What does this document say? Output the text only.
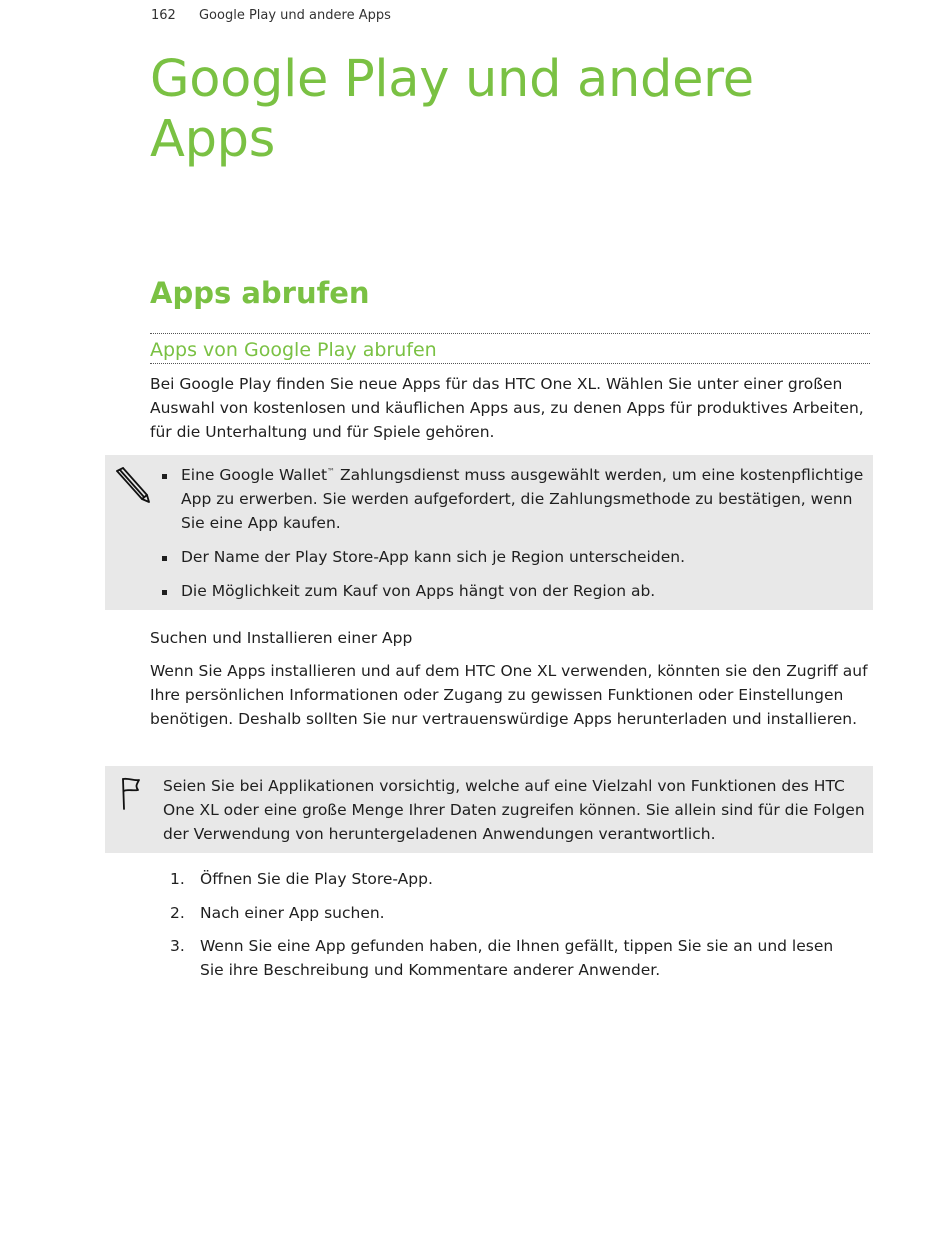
162 Google Play und andere Apps
Google Play und andere Apps
Apps abrufen
Apps von Google Play abrufen

Bei Google Play finden Sie neue Apps für das HTC One XL. Wählen Sie unter einer großen Auswahl von kostenlosen und käuflichen Apps aus, zu denen Apps für produktives Arbeiten, für die Unterhaltung und für Spiele gehören.

Eine Google Wallet™ Zahlungsdienst muss ausgewählt werden, um eine kostenpflichtige App zu erwerben. Sie werden aufgefordert, die Zahlungsmethode zu bestätigen, wenn Sie eine App kaufen.
Der Name der Play Store-App kann sich je Region unterscheiden.
Die Möglichkeit zum Kauf von Apps hängt von der Region ab.
Suchen und Installieren einer App

Wenn Sie Apps installieren und auf dem HTC One XL verwenden, könnten sie den Zugriff auf Ihre persönlichen Informationen oder Zugang zu gewissen Funktionen oder Einstellungen benötigen. Deshalb sollten Sie nur vertrauenswürdige Apps herunterladen und installieren.

Seien Sie bei Applikationen vorsichtig, welche auf eine Vielzahl von Funktionen des HTC One XL oder eine große Menge Ihrer Daten zugreifen können. Sie allein sind für die Folgen der Verwendung von heruntergeladenen Anwendungen verantwortlich.

1. Öffnen Sie die Play Store-App.
2. Nach einer App suchen.
3. Wenn Sie eine App gefunden haben, die Ihnen gefällt, tippen Sie sie an und lesen Sie ihre Beschreibung und Kommentare anderer Anwender.
